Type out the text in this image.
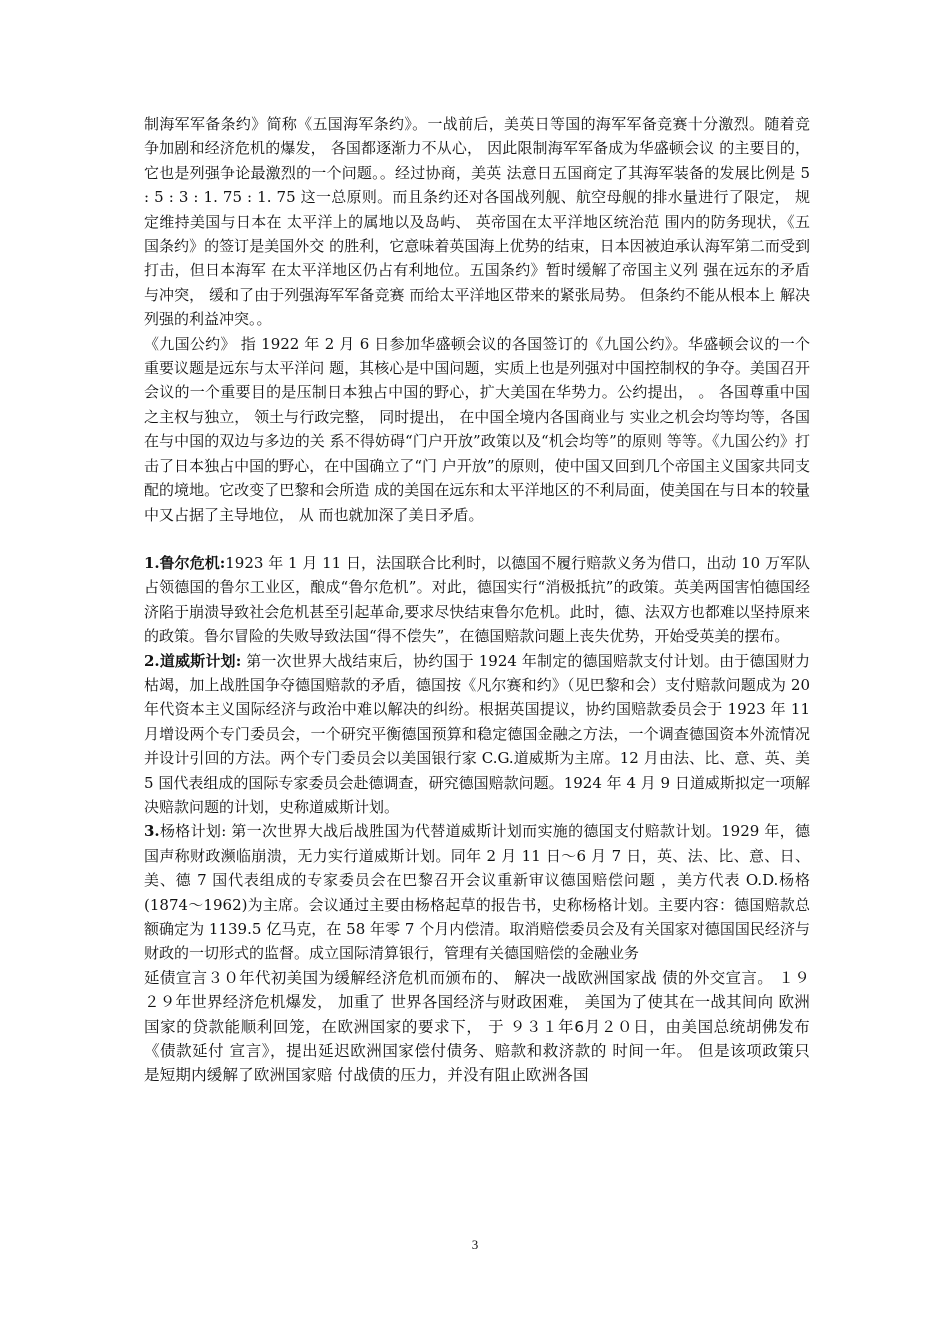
制海军军备条约》简称《五国海军条约》。一战前后，美英日等国的海军军备竞赛十分激烈。随着竞争加剧和经济危机的爆发， 各国都逐渐力不从心， 因此限制海军军备成为华盛顿会议 的主要目的，它也是列强争论最激烈的一个问题。。经过协商，美英 法意日五国商定了其海军装备的发展比例是 5 : 5 : 3 : 1. 75 : 1. 75 这一总原则。而且条约还对各国战列舰、航空母舰的排水量进行了限定， 规定维持美国与日本在 太平洋上的属地以及岛屿、 英帝国在太平洋地区统治范 围内的防务现状，《五国条约》的签订是美国外交 的胜利，它意味着英国海上优势的结束，日本因被迫承认海军第二而受到打击，但日本海军 在太平洋地区仍占有利地位。五国条约》暂时缓解了帝国主义列 强在远东的矛盾与冲突， 缓和了由于列强海军军备竞赛 而给太平洋地区带来的紧张局势。 但条约不能从根本上 解决列强的利益冲突。。

《九国公约》 指 1922 年 2 月 6 日参加华盛顿会议的各国签订的《九国公约》。华盛顿会议的一个重要议题是远东与太平洋问 题，其核心是中国问题，实质上也是列强对中国控制权的争夺。美国召开会议的一个重要目的是压制日本独占中国的野心，扩大美国在华势力。公约提出， 。 各国尊重中国之主权与独立， 领土与行政完整， 同时提出， 在中国全境内各国商业与 实业之机会均等均等，各国在与中国的双边与多边的关 系不得妨碍“门户开放”政策以及“机会均等”的原则 等等。《九国公约》打击了日本独占中国的野心，在中国确立了“门 户开放”的原则，使中国又回到几个帝国主义国家共同支配的境地。它改变了巴黎和会所造 成的美国在远东和太平洋地区的不利局面，使美国在与日本的较量中又占据了主导地位， 从 而也就加深了美日矛盾。

1.鲁尔危机:1923 年 1 月 11 日，法国联合比利时，以德国不履行赔款义务为借口，出动 10 万军队占领德国的鲁尔工业区，酿成“鲁尔危机”。对此，德国实行“消极抵抗”的政策。英美两国害怕德国经济陷于崩溃导致社会危机甚至引起革命,要求尽快结束鲁尔危机。此时，德、法双方也都难以坚持原来的政策。鲁尔冒险的失败导致法国“得不偿失”，在德国赔款问题上丧失优势，开始受英美的摆布。

2.道威斯计划: 第一次世界大战结束后，协约国于 1924 年制定的德国赔款支付计划。由于德国财力枯竭，加上战胜国争夺德国赔款的矛盾，德国按《凡尔赛和约》（见巴黎和会）支付赔款问题成为 20 年代资本主义国际经济与政治中难以解决的纠纷。根据英国提议，协约国赔款委员会于 1923 年 11 月增设两个专门委员会，一个研究平衡德国预算和稳定德国金融之方法，一个调查德国资本外流情况并设计引回的方法。两个专门委员会以美国银行家 C.G.道威斯为主席。12 月由法、比、意、英、美 5 国代表组成的国际专家委员会赴德调查，研究德国赔款问题。1924 年 4 月 9 日道威斯拟定一项解决赔款问题的计划，史称道威斯计划。

3.杨格计划: 第一次世界大战后战胜国为代替道威斯计划而实施的德国支付赔款计划。1929 年，德国声称财政濒临崩溃，无力实行道威斯计划。同年 2 月 11 日～6 月 7 日，英、法、比、意、日、美、德 7 国代表组成的专家委员会在巴黎召开会议重新审议德国赔偿问题 ，美方代表 O.D.杨格(1874～1962)为主席。会议通过主要由杨格起草的报告书，史称杨格计划。主要内容：德国赔款总额确定为 1139.5 亿马克，在 58 年零 7 个月内偿清。取消赔偿委员会及有关国家对德国国民经济与财政的一切形式的监督。成立国际清算银行，管理有关德国赔偿的金融业务

延债宣言３０年代初美国为缓解经济危机而颁布的、 解决一战欧洲国家战 债的外交宣言。 １９２９年世界经济危机爆发， 加重了 世界各国经济与财政困难， 美国为了使其在一战其间向 欧洲国家的贷款能顺利回笼，在欧洲国家的要求下， 于 ９３１年6月２０日，由美国总统胡佛发布《债款延付 宣言》，提出延迟欧洲国家偿付债务、赔款和救济款的 时间一年。 但是该项政策只是短期内缓解了欧洲国家赔 付战债的压力，并没有阻止欧洲各国

3
